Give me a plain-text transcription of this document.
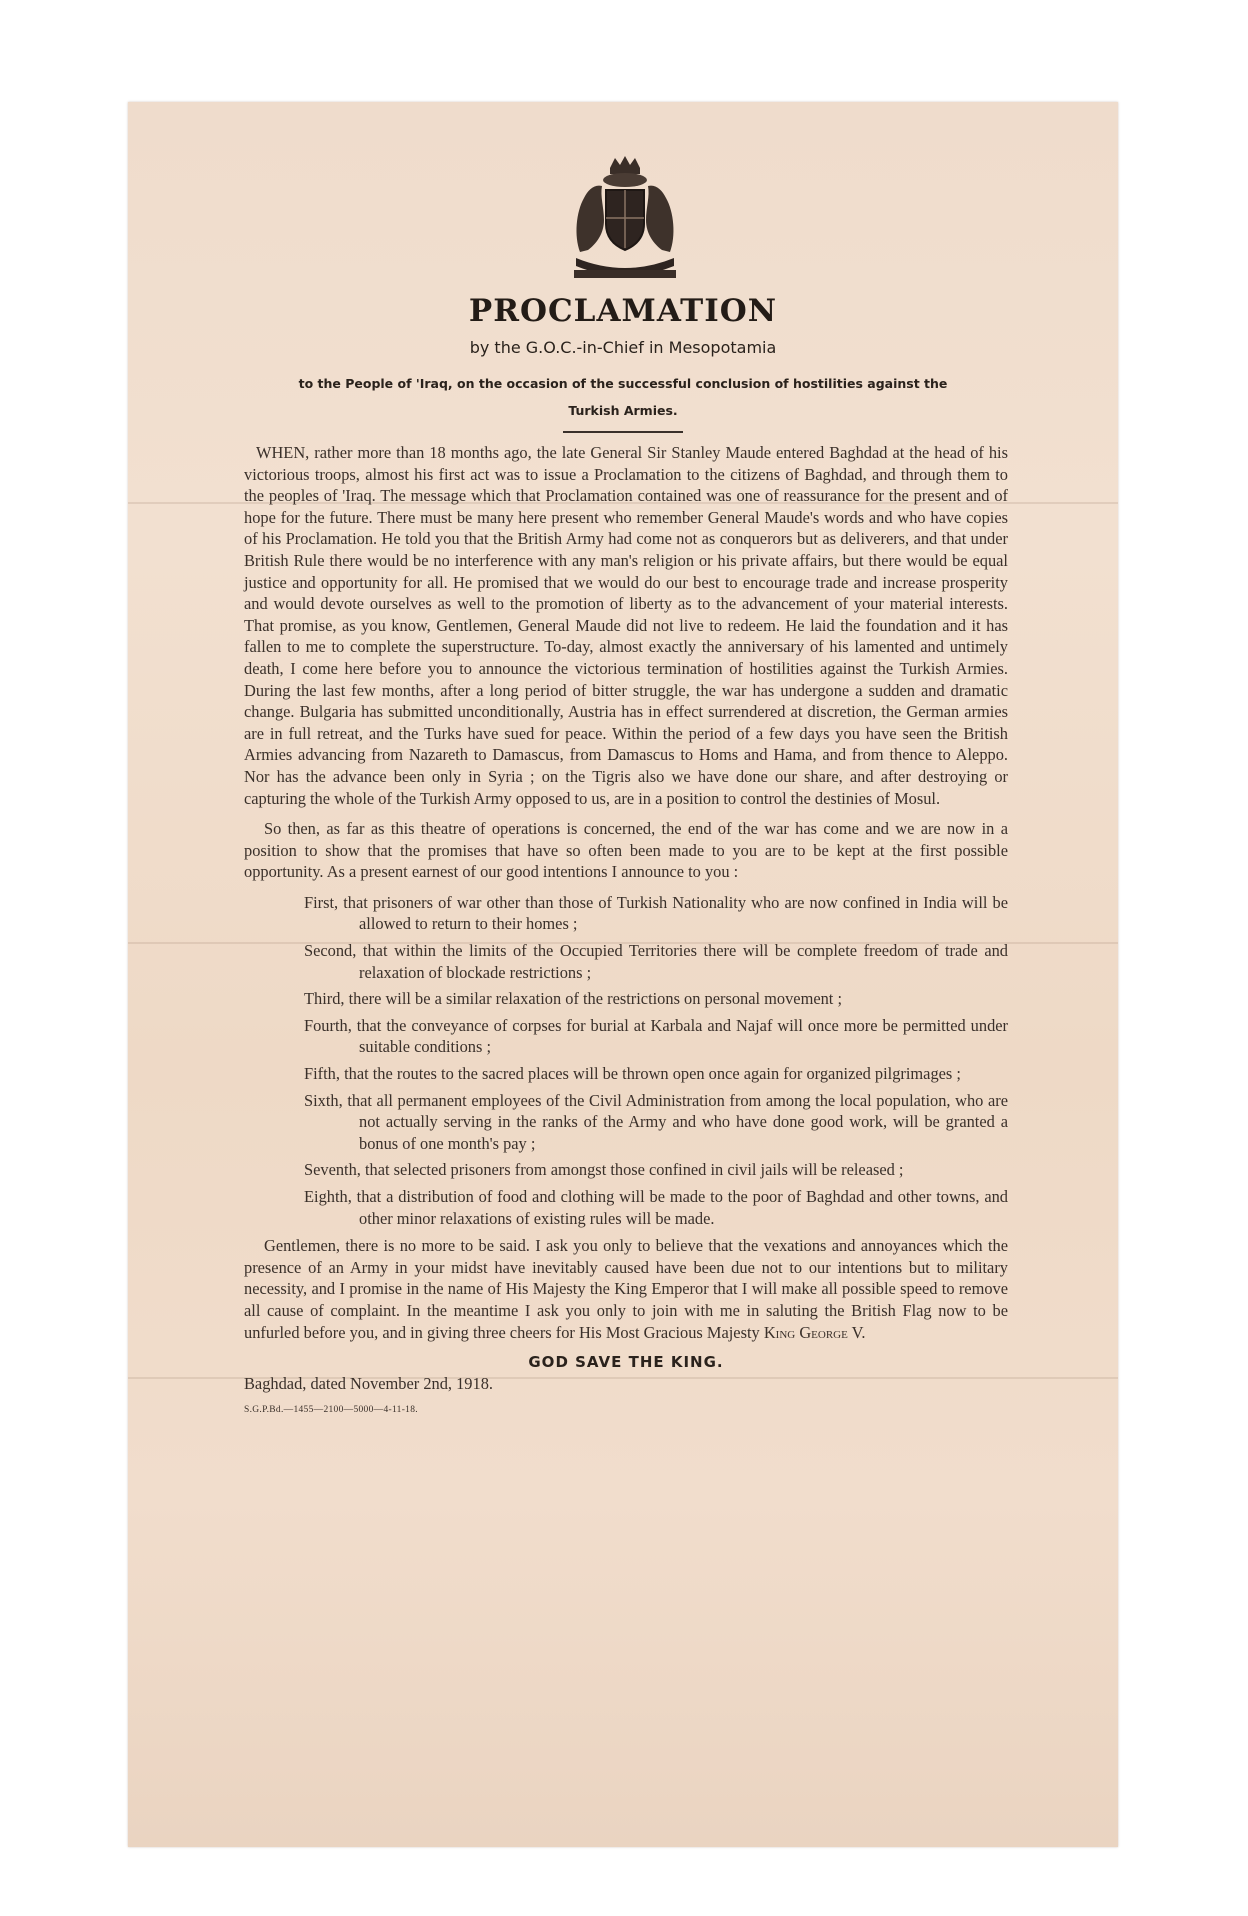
PROCLAMATION
by the G.O.C.-in-Chief in Mesopotamia
to the People of 'Iraq, on the occasion of the successful conclusion of hostilities against the Turkish Armies.

WHEN, rather more than 18 months ago, the late General Sir Stanley Maude entered Baghdad at the head of his victorious troops, almost his first act was to issue a Proclamation to the citizens of Baghdad, and through them to the peoples of 'Iraq. The message which that Proclamation contained was one of reassurance for the present and of hope for the future. There must be many here present who remember General Maude's words and who have copies of his Proclamation. He told you that the British Army had come not as conquerors but as deliverers, and that under British Rule there would be no interference with any man's religion or his private affairs, but there would be equal justice and opportunity for all. He promised that we would do our best to encourage trade and increase prosperity and would devote ourselves as well to the promotion of liberty as to the advancement of your material interests. That promise, as you know, Gentlemen, General Maude did not live to redeem. He laid the foundation and it has fallen to me to complete the superstructure. To-day, almost exactly the anniversary of his lamented and untimely death, I come here before you to announce the victorious termination of hostilities against the Turkish Armies. During the last few months, after a long period of bitter struggle, the war has undergone a sudden and dramatic change. Bulgaria has submitted unconditionally, Austria has in effect surrendered at discretion, the German armies are in full retreat, and the Turks have sued for peace. Within the period of a few days you have seen the British Armies advancing from Nazareth to Damascus, from Damascus to Homs and Hama, and from thence to Aleppo. Nor has the advance been only in Syria ; on the Tigris also we have done our share, and after destroying or capturing the whole of the Turkish Army opposed to us, are in a position to control the destinies of Mosul.

So then, as far as this theatre of operations is concerned, the end of the war has come and we are now in a position to show that the promises that have so often been made to you are to be kept at the first possible opportunity. As a present earnest of our good intentions I announce to you :

First, that prisoners of war other than those of Turkish Nationality who are now confined in India will be allowed to return to their homes ;
Second, that within the limits of the Occupied Territories there will be complete freedom of trade and relaxation of blockade restrictions ;
Third, there will be a similar relaxation of the restrictions on personal movement ;
Fourth, that the conveyance of corpses for burial at Karbala and Najaf will once more be permitted under suitable conditions ;
Fifth, that the routes to the sacred places will be thrown open once again for organized pilgrimages ;
Sixth, that all permanent employees of the Civil Administration from among the local population, who are not actually serving in the ranks of the Army and who have done good work, will be granted a bonus of one month's pay ;
Seventh, that selected prisoners from amongst those confined in civil jails will be released ;
Eighth, that a distribution of food and clothing will be made to the poor of Baghdad and other towns, and other minor relaxations of existing rules will be made.

Gentlemen, there is no more to be said. I ask you only to believe that the vexations and annoyances which the presence of an Army in your midst have inevitably caused have been due not to our intentions but to military necessity, and I promise in the name of His Majesty the King Emperor that I will make all possible speed to remove all cause of complaint. In the meantime I ask you only to join with me in saluting the British Flag now to be unfurled before you, and in giving three cheers for His Most Gracious Majesty King George V.

GOD SAVE THE KING.
Baghdad, dated November 2nd, 1918.
S.G.P.Bd.—1455—2100—5000—4-11-18.
